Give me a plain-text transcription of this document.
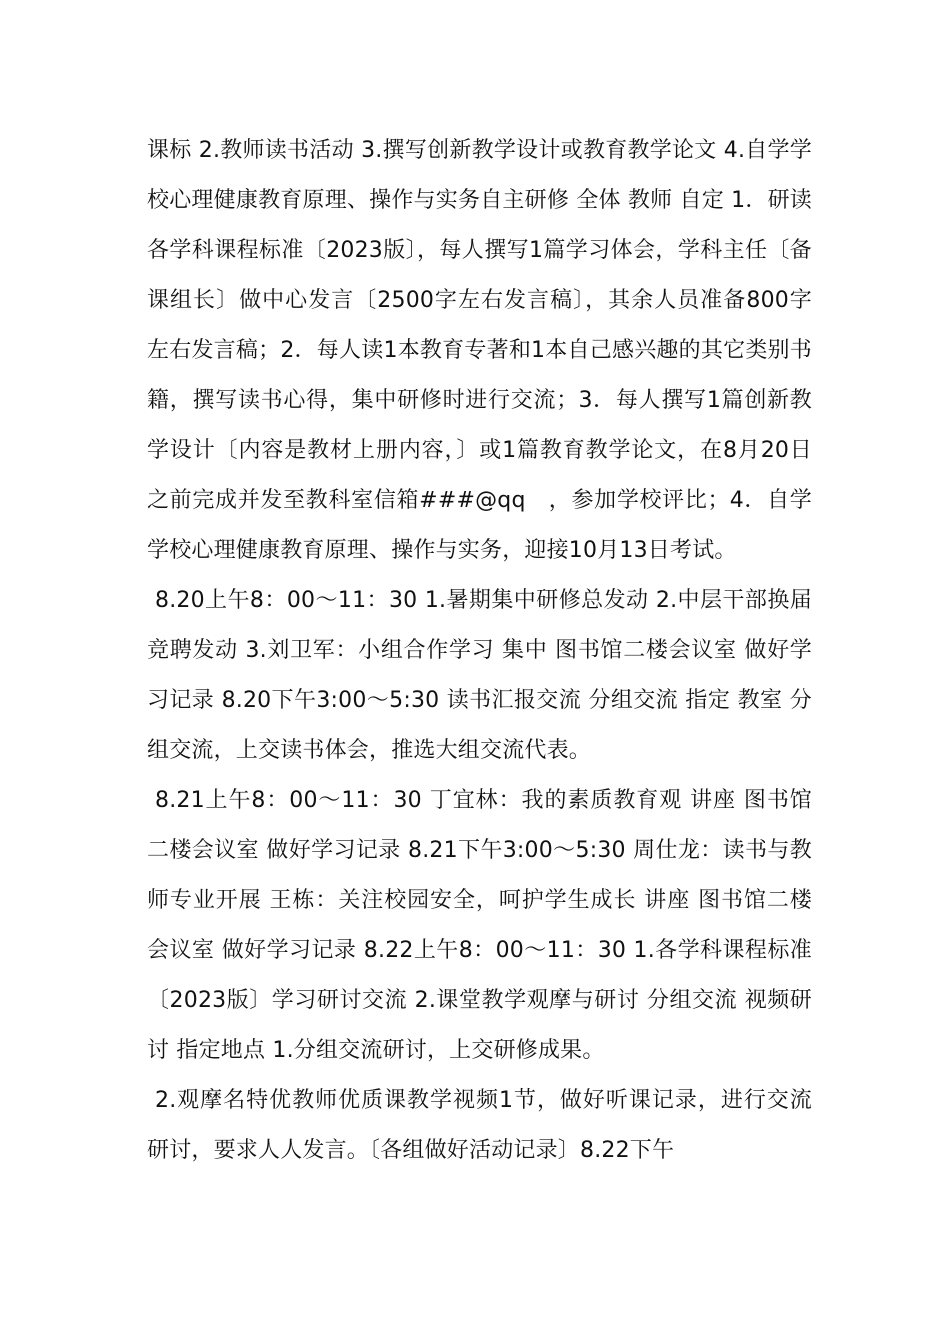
课标 2.教师读书活动 3.撰写创新教学设计或教育教学论文 4.自学学校心理健康教育原理、操作与实务自主研修 全体 教师 自定 1．研读各学科课程标准〔2023版〕，每人撰写1篇学习体会，学科主任〔备课组长〕做中心发言〔2500字左右发言稿〕，其余人员准备800字左右发言稿；2．每人读1本教育专著和1本自己感兴趣的其它类别书籍，撰写读书心得，集中研修时进行交流；3．每人撰写1篇创新教学设计〔内容是教材上册内容，〕或1篇教育教学论文，在8月20日之前完成并发至教科室信箱###@qq　，参加学校评比；4．自学学校心理健康教育原理、操作与实务，迎接10月13日考试。

8.20上午8：00～11：30 1.暑期集中研修总发动 2.中层干部换届竞聘发动 3.刘卫军：小组合作学习 集中 图书馆二楼会议室 做好学习记录 8.20下午3:00～5:30 读书汇报交流 分组交流 指定 教室 分组交流，上交读书体会，推选大组交流代表。

8.21上午8：00～11：30 丁宜林：我的素质教育观 讲座 图书馆二楼会议室 做好学习记录 8.21下午3:00～5:30 周仕龙：读书与教师专业开展 王栋：关注校园安全，呵护学生成长 讲座 图书馆二楼会议室 做好学习记录 8.22上午8：00～11：30 1.各学科课程标准〔2023版〕学习研讨交流 2.课堂教学观摩与研讨 分组交流 视频研讨 指定地点 1.分组交流研讨，上交研修成果。

2.观摩名特优教师优质课教学视频1节，做好听课记录，进行交流研讨，要求人人发言。〔各组做好活动记录〕8.22下午
